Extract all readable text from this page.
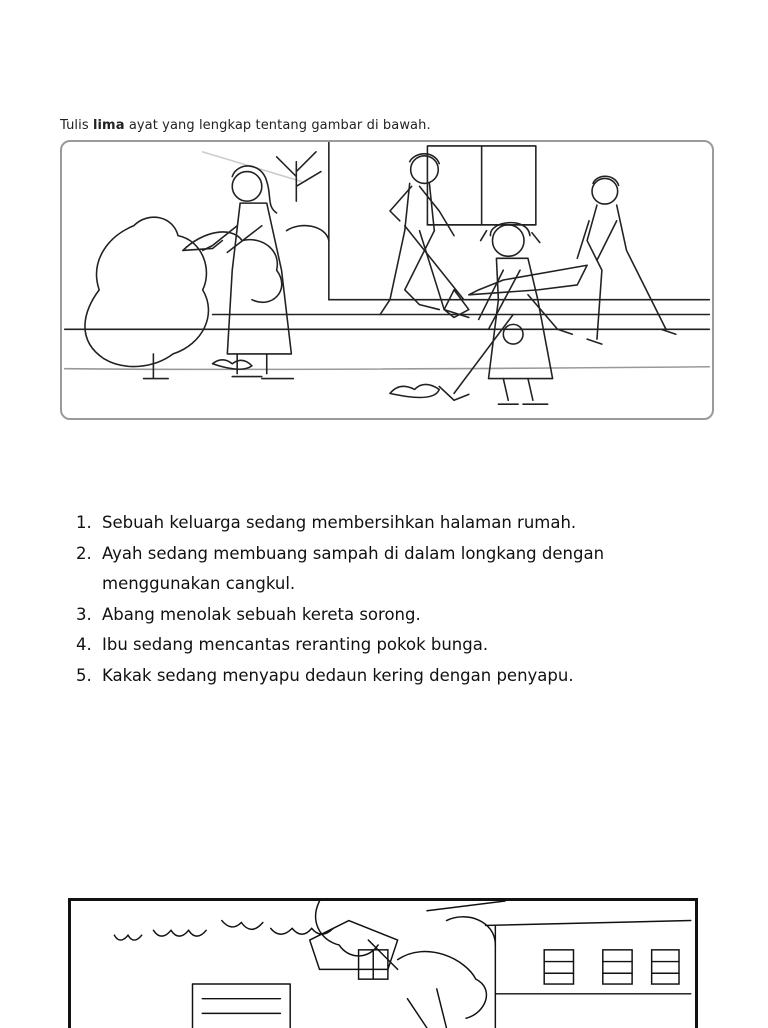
Tulis lima ayat yang lengkap tentang gambar di bawah.
1. Sebuah keluarga sedang membersihkan halaman rumah.
2. Ayah sedang membuang sampah di dalam longkang dengan
menggunakan cangkul.
3. Abang menolak sebuah kereta sorong.
4. Ibu sedang mencantas reranting pokok bunga.
5. Kakak sedang menyapu dedaun kering dengan penyapu.
